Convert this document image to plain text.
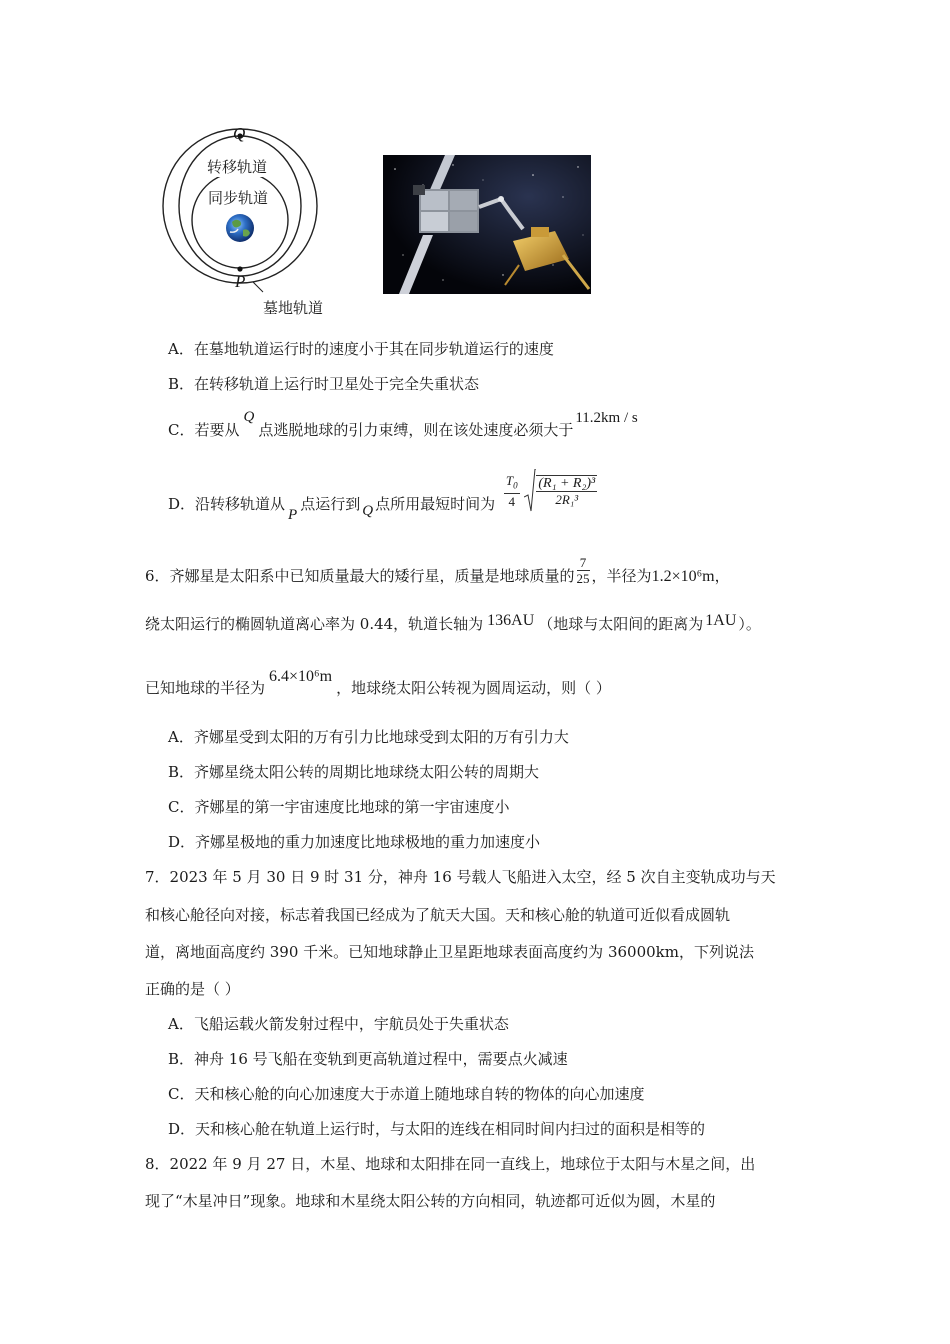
Q
转移轨道
同步轨道
P
墓地轨道
A．在墓地轨道运行时的速度小于其在同步轨道运行的速度
B．在转移轨道上运行时卫星处于完全失重状态
C．若要从Q点逃脱地球的引力束缚，则在该处速度必须大于11.2km / s
D．沿转移轨道从P点运行到 Q 点所用最短时间为 $\frac{T_0}{4}$
$\frac{\text{(R₁ + R₂)³}}{\text{2R₁³}}$
6．齐娜星是太阳系中已知质量最大的矮行星，质量是地球质量的 $\frac{7}{25}$ ，半径为1.2×10⁶m，
绕太阳运行的椭圆轨道离心率为 0.44，轨道长轴为 136AU （地球与太阳间的距离为 1AU ）。
已知地球的半径为6.4×10⁶m，地球绕太阳公转视为圆周运动，则（ ）
A．齐娜星受到太阳的万有引力比地球受到太阳的万有引力大
B．齐娜星绕太阳公转的周期比地球绕太阳公转的周期大
C．齐娜星的第一宇宙速度比地球的第一宇宙速度小
D．齐娜星极地的重力加速度比地球极地的重力加速度小
7．2023 年 5 月 30 日 9 时 31 分，神舟 16 号载人飞船进入太空，经 5 次自主变轨成功与天
和核心舱径向对接，标志着我国已经成为了航天大国。天和核心舱的轨道可近似看成圆轨
道，离地面高度约 390 千米。已知地球静止卫星距地球表面高度约为 36000km，下列说法
正确的是（ ）
A．飞船运载火箭发射过程中，宇航员处于失重状态
B．神舟 16 号飞船在变轨到更高轨道过程中，需要点火减速
C．天和核心舱的向心加速度大于赤道上随地球自转的物体的向心加速度
D．天和核心舱在轨道上运行时，与太阳的连线在相同时间内扫过的面积是相等的
8．2022 年 9 月 27 日，木星、地球和太阳排在同一直线上，地球位于太阳与木星之间，出
现了“木星冲日”现象。地球和木星绕太阳公转的方向相同，轨迹都可近似为圆，木星的
